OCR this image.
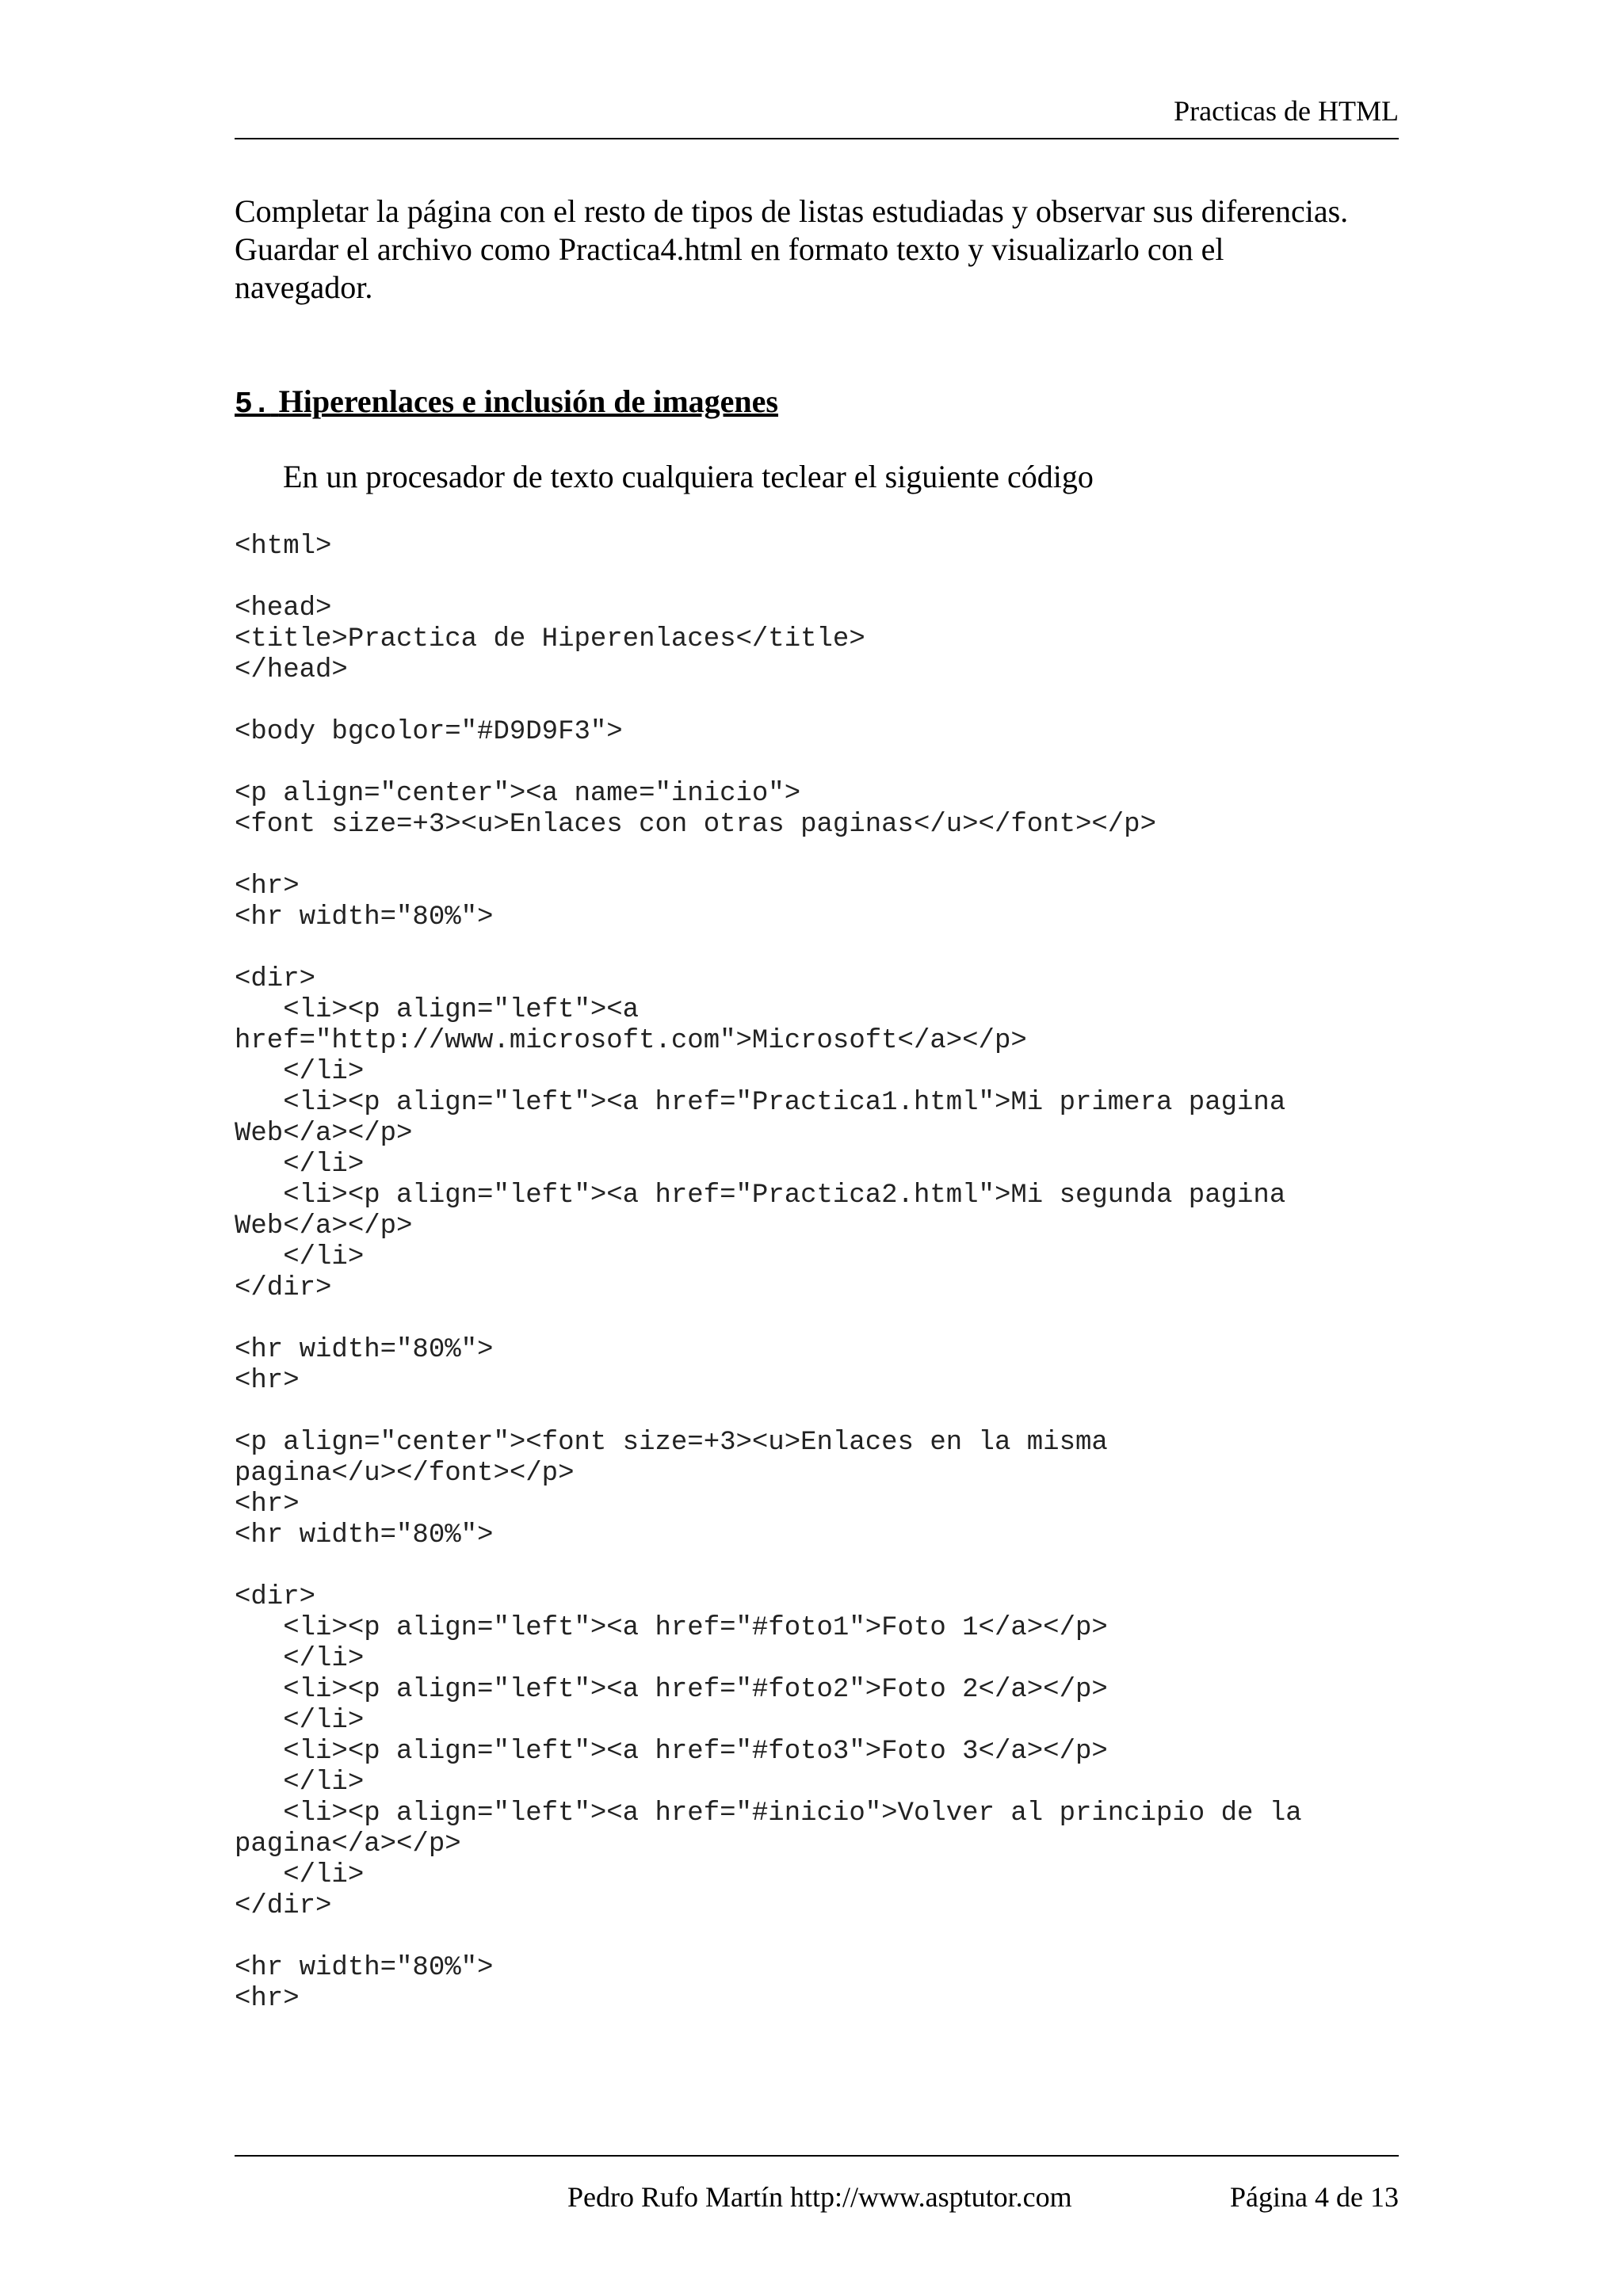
Practicas de HTML
Completar la página con el resto de tipos de listas estudiadas y observar sus diferencias.
Guardar el archivo como Practica4.html en formato texto y visualizarlo con el
navegador.
5. Hiperenlaces e inclusión de imagenes
En un procesador de texto cualquiera teclear el siguiente código
<html>
<head>
<title>Practica de Hiperenlaces</title>
</head>
<body bgcolor="#D9D9F3">
<p align="center"><a name="inicio">
<font size=+3><u>Enlaces con otras paginas</u></font></p>
<hr>
<hr width="80%">
<dir>
<li><p align="left"><a
href="http://www.microsoft.com">Microsoft</a></p>
</li>
<li><p align="left"><a href="Practica1.html">Mi primera pagina
Web</a></p>
</li>
<li><p align="left"><a href="Practica2.html">Mi segunda pagina
Web</a></p>
</li>
</dir>
<hr width="80%">
<hr>
<p align="center"><font size=+3><u>Enlaces en la misma
pagina</u></font></p>
<hr>
<hr width="80%">
<dir>
<li><p align="left"><a href="#foto1">Foto 1</a></p>
</li>
<li><p align="left"><a href="#foto2">Foto 2</a></p>
</li>
<li><p align="left"><a href="#foto3">Foto 3</a></p>
</li>
<li><p align="left"><a href="#inicio">Volver al principio de la
pagina</a></p>
</li>
</dir>
<hr width="80%">
<hr>
Pedro Rufo Martín http://www.asptutor.com	Página 4 de 13
